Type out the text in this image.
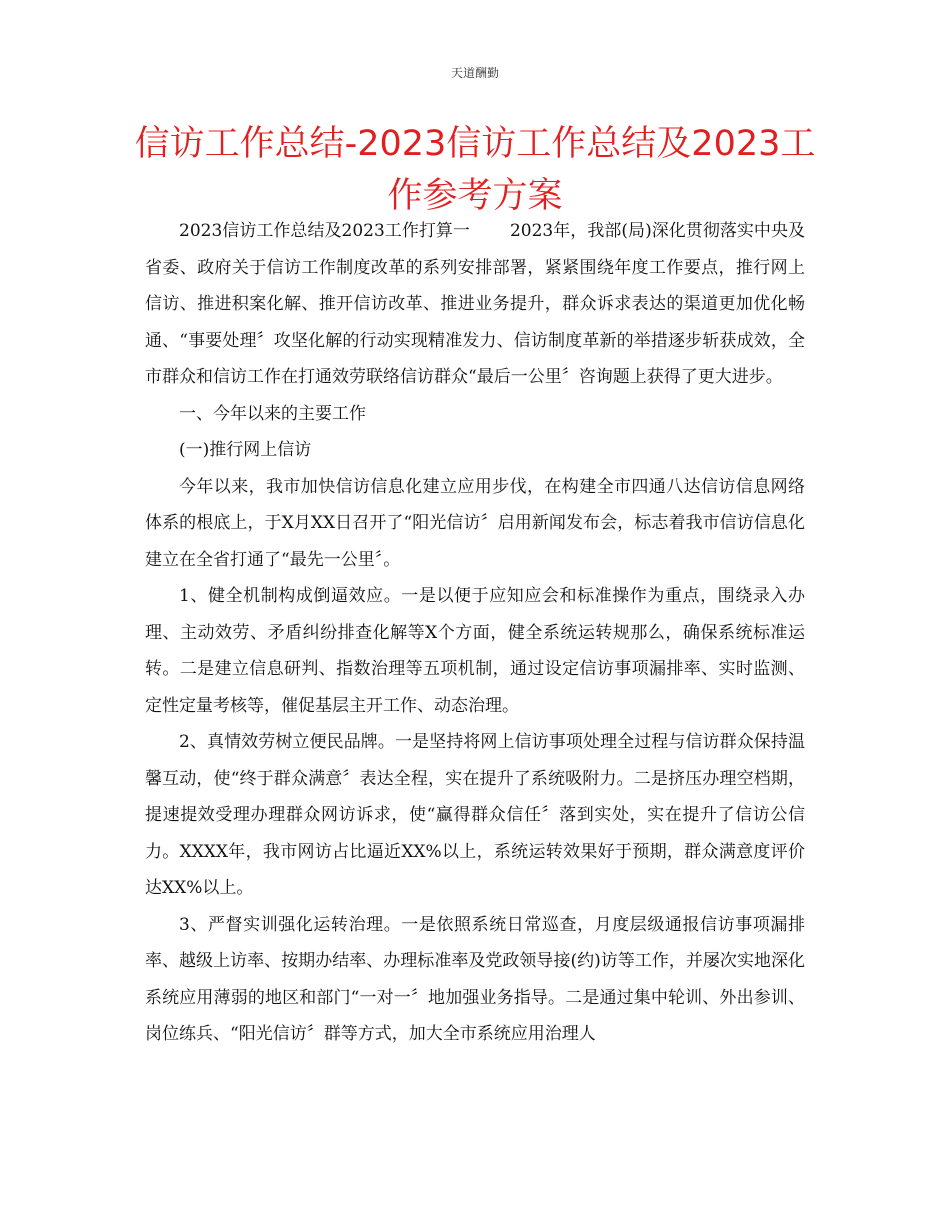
天道酬勤
信访工作总结-2023信访工作总结及2023工作参考方案

2023信访工作总结及2023工作打算一 2023年，我部(局)深化贯彻落实中央及省委、政府关于信访工作制度改革的系列安排部署，紧紧围绕年度工作要点，推行网上信访、推进积案化解、推开信访改革、推进业务提升，群众诉求表达的渠道更加优化畅通、“事要处理〞攻坚化解的行动实现精准发力、信访制度革新的举措逐步斩获成效，全市群众和信访工作在打通效劳联络信访群众“最后一公里〞咨询题上获得了更大进步。

一、今年以来的主要工作

(一)推行网上信访

今年以来，我市加快信访信息化建立应用步伐，在构建全市四通八达信访信息网络体系的根底上，于X月XX日召开了“阳光信访〞启用新闻发布会，标志着我市信访信息化建立在全省打通了“最先一公里〞。

1、健全机制构成倒逼效应。一是以便于应知应会和标准操作为重点，围绕录入办理、主动效劳、矛盾纠纷排查化解等X个方面，健全系统运转规那么，确保系统标准运转。二是建立信息研判、指数治理等五项机制，通过设定信访事项漏排率、实时监测、定性定量考核等，催促基层主开工作、动态治理。

2、真情效劳树立便民品牌。一是坚持将网上信访事项处理全过程与信访群众保持温馨互动，使“终于群众满意〞表达全程，实在提升了系统吸附力。二是挤压办理空档期，提速提效受理办理群众网访诉求，使“赢得群众信任〞落到实处，实在提升了信访公信力。XXXX年，我市网访占比逼近XX%以上，系统运转效果好于预期，群众满意度评价达XX%以上。

3、严督实训强化运转治理。一是依照系统日常巡查，月度层级通报信访事项漏排率、越级上访率、按期办结率、办理标准率及党政领导接(约)访等工作，并屡次实地深化系统应用薄弱的地区和部门“一对一〞地加强业务指导。二是通过集中轮训、外出参训、岗位练兵、“阳光信访〞群等方式，加大全市系统应用治理人
